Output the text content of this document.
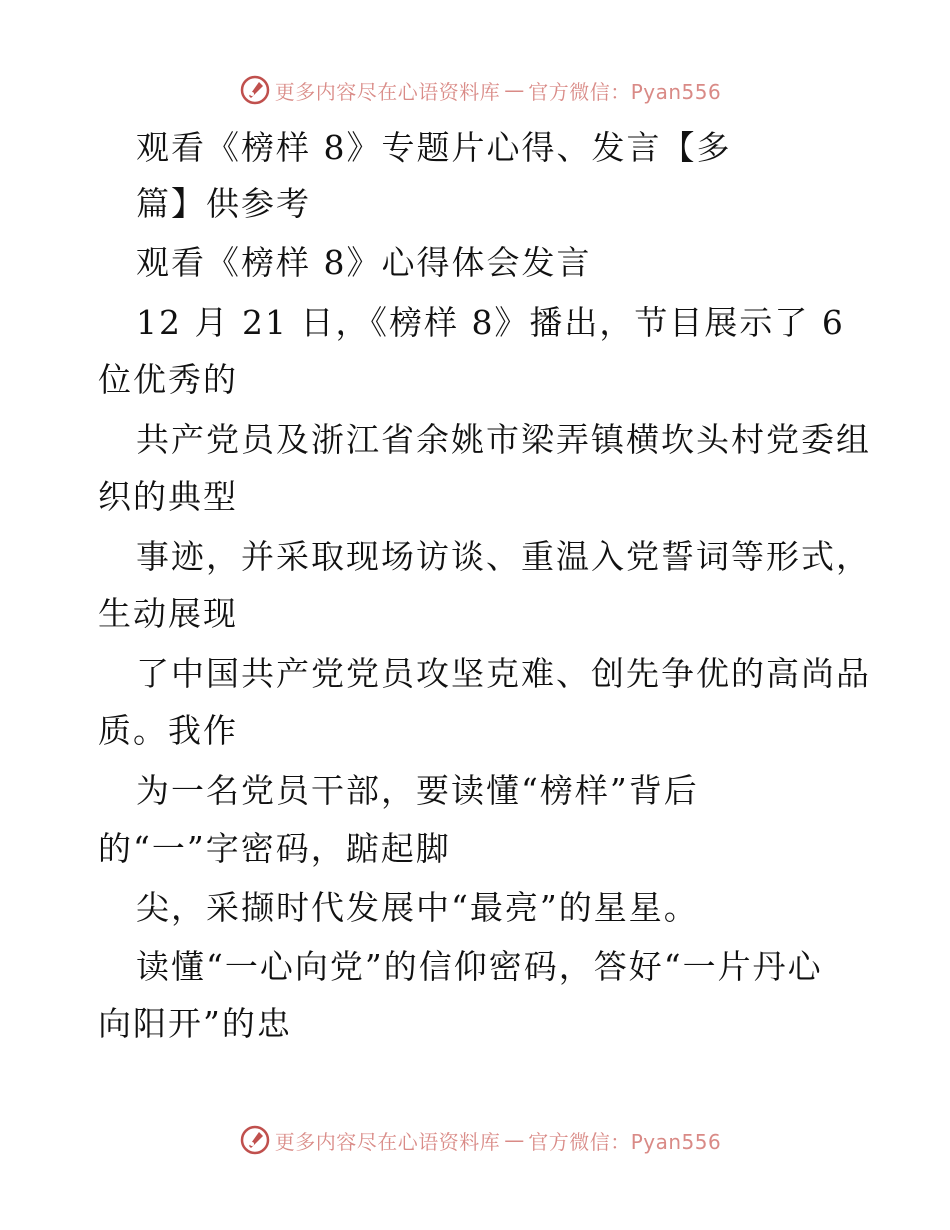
更多内容尽在心语资料库 — 官方微信：Pyan556
观看《榜样 8》专题片心得、发言【多
篇】供参考
观看《榜样 8》心得体会发言
12 月 21 日，《榜样 8》播出，节目展示了 6
位优秀的
共产党员及浙江省余姚市梁弄镇横坎头村党委组
织的典型
事迹，并采取现场访谈、重温入党誓词等形式，
生动展现
了中国共产党党员攻坚克难、创先争优的高尚品
质。我作
为一名党员干部，要读懂“榜样”背后
的“一”字密码，踮起脚
尖，采撷时代发展中“最亮”的星星。
读懂“一心向党”的信仰密码，答好“一片丹心
向阳开”的忠
更多内容尽在心语资料库 — 官方微信：Pyan556
